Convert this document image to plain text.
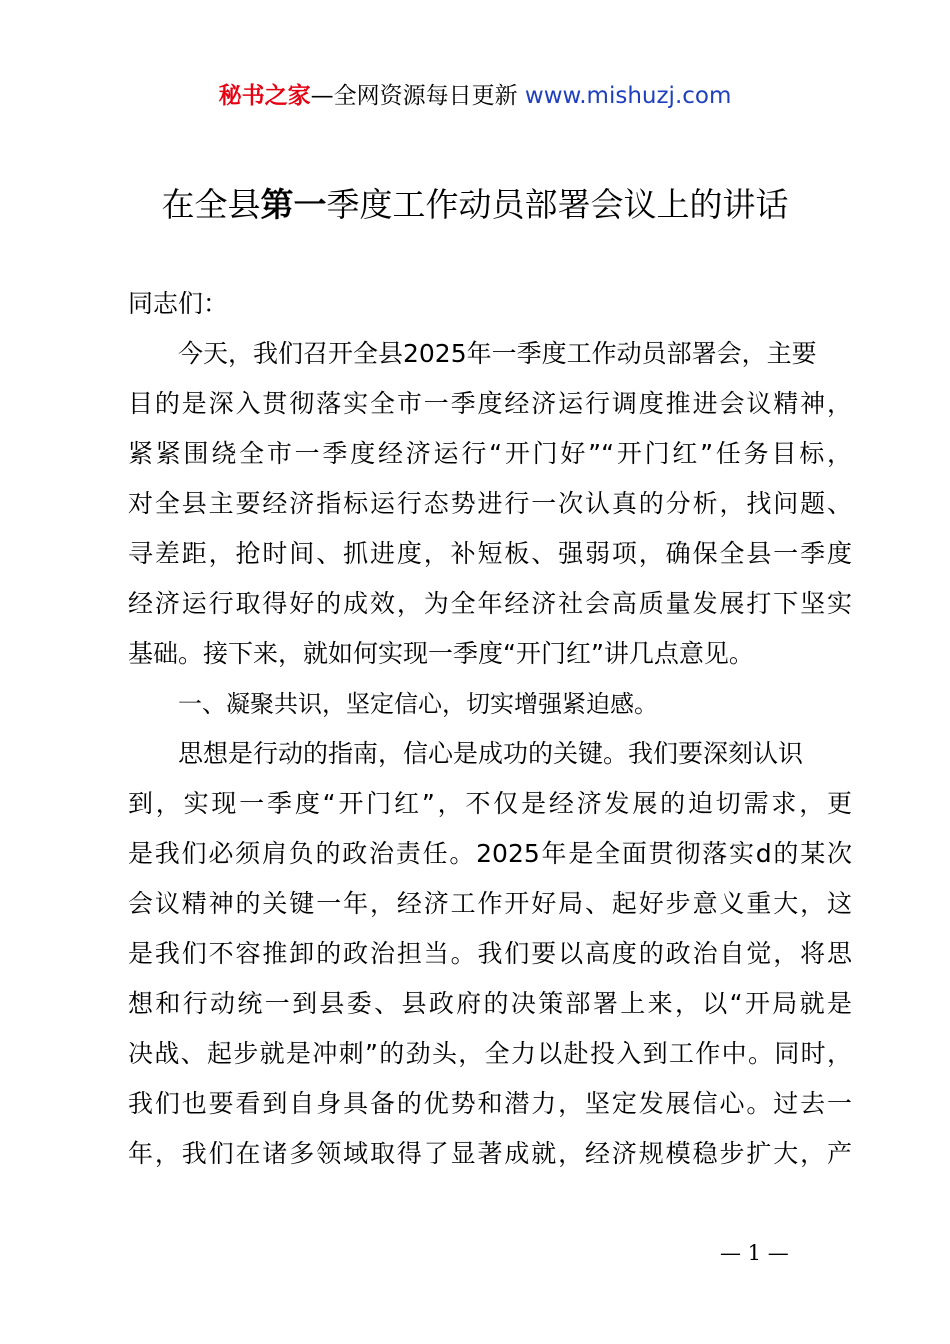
秘书之家—全网资源每日更新 www.mishuzj.com
在全县第一季度工作动员部署会议上的讲话
同志们：
今天，我们召开全县2025年一季度工作动员部署会，主要
目的是深入贯彻落实全市一季度经济运行调度推进会议精神，
紧紧围绕全市一季度经济运行“开门好”“开门红”任务目标，
对全县主要经济指标运行态势进行一次认真的分析，找问题、
寻差距，抢时间、抓进度，补短板、强弱项，确保全县一季度
经济运行取得好的成效，为全年经济社会高质量发展打下坚实
基础。接下来，就如何实现一季度“开门红”讲几点意见。
一、凝聚共识，坚定信心，切实增强紧迫感。
思想是行动的指南，信心是成功的关键。我们要深刻认识
到，实现一季度“开门红”，不仅是经济发展的迫切需求，更
是我们必须肩负的政治责任。2025年是全面贯彻落实d的某次
会议精神的关键一年，经济工作开好局、起好步意义重大，这
是我们不容推卸的政治担当。我们要以高度的政治自觉，将思
想和行动统一到县委、县政府的决策部署上来，以“开局就是
决战、起步就是冲刺”的劲头，全力以赴投入到工作中。同时，
我们也要看到自身具备的优势和潜力，坚定发展信心。过去一
年，我们在诸多领域取得了显著成就，经济规模稳步扩大，产
— 1 —
